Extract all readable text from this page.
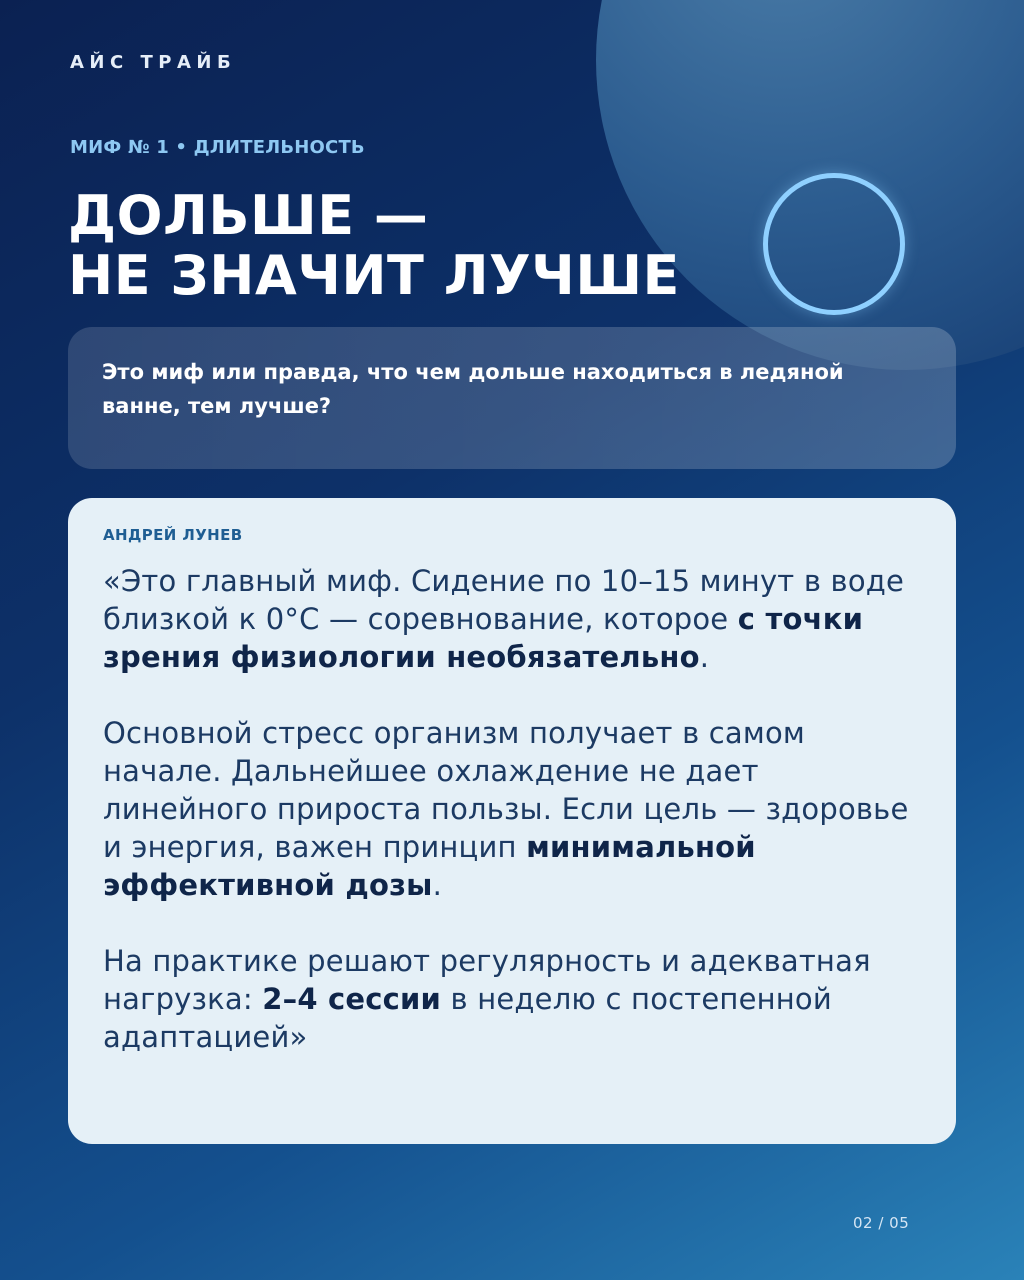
АЙС ТРАЙБ
МИФ № 1 • ДЛИТЕЛЬНОСТЬ
ДОЛЬШЕ —
НЕ ЗНАЧИТ ЛУЧШЕ
Это миф или правда, что чем дольше находиться в ледяной ванне, тем лучше?
АНДРЕЙ ЛУНЕВ

«Это главный миф. Сидение по 10–15 минут в воде близкой к 0°C — соревнование, которое с точки зрения физиологии необязательно.

Основной стресс организм получает в самом начале. Дальнейшее охлаждение не дает линейного прироста пользы. Если цель — здоровье и энергия, важен принцип минимальной эффективной дозы.

На практике решают регулярность и адекватная нагрузка: 2–4 сессии в неделю с постепенной адаптацией»

02 / 05
